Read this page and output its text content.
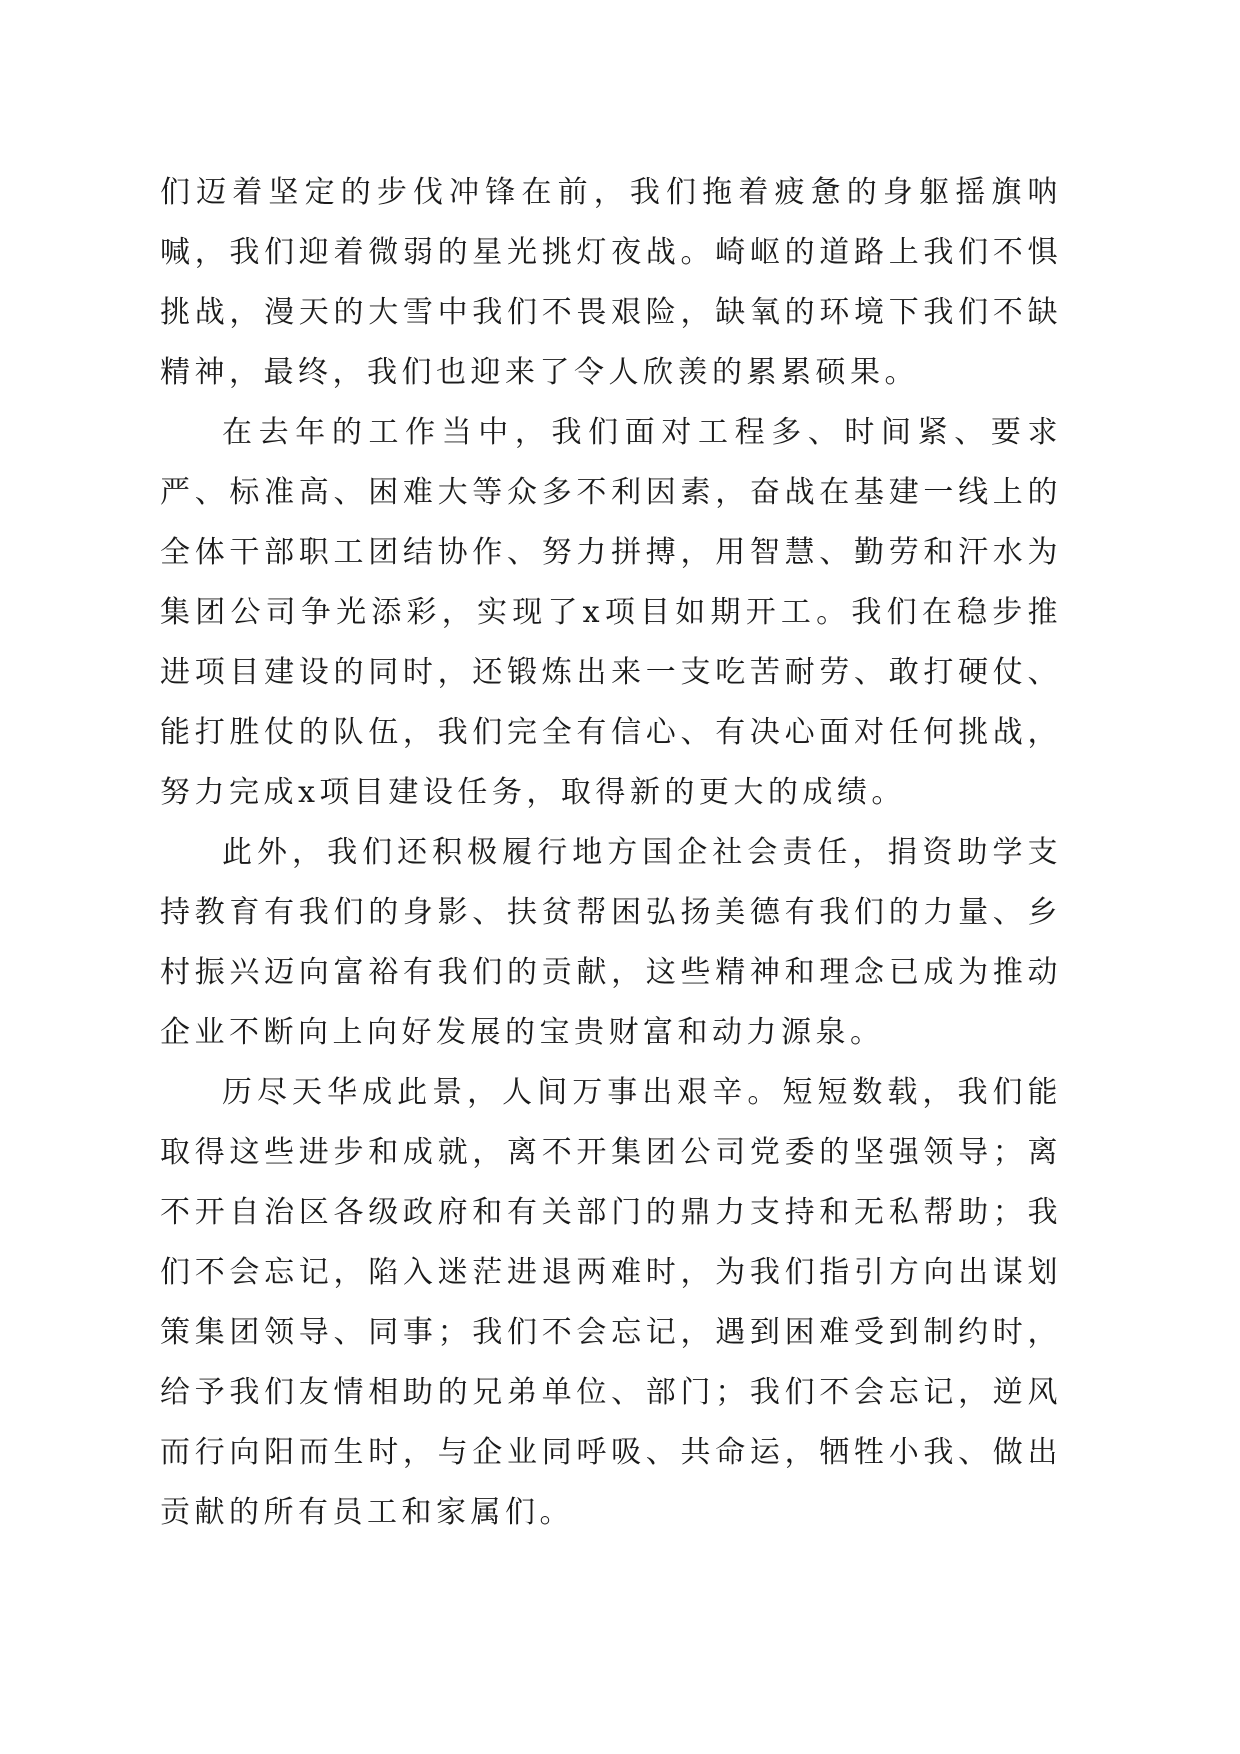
们迈着坚定的步伐冲锋在前，我们拖着疲惫的身躯摇旗呐喊，我们迎着微弱的星光挑灯夜战。崎岖的道路上我们不惧挑战，漫天的大雪中我们不畏艰险，缺氧的环境下我们不缺精神，最终，我们也迎来了令人欣羡的累累硕果。

在去年的工作当中，我们面对工程多、时间紧、要求严、标准高、困难大等众多不利因素，奋战在基建一线上的全体干部职工团结协作、努力拼搏，用智慧、勤劳和汗水为集团公司争光添彩，实现了x项目如期开工。我们在稳步推进项目建设的同时，还锻炼出来一支吃苦耐劳、敢打硬仗、能打胜仗的队伍，我们完全有信心、有决心面对任何挑战，努力完成x项目建设任务，取得新的更大的成绩。

此外，我们还积极履行地方国企社会责任，捐资助学支持教育有我们的身影、扶贫帮困弘扬美德有我们的力量、乡村振兴迈向富裕有我们的贡献，这些精神和理念已成为推动企业不断向上向好发展的宝贵财富和动力源泉。

历尽天华成此景，人间万事出艰辛。短短数载，我们能取得这些进步和成就，离不开集团公司党委的坚强领导；离不开自治区各级政府和有关部门的鼎力支持和无私帮助；我们不会忘记，陷入迷茫进退两难时，为我们指引方向出谋划策集团领导、同事；我们不会忘记，遇到困难受到制约时，给予我们友情相助的兄弟单位、部门；我们不会忘记，逆风而行向阳而生时，与企业同呼吸、共命运，牺牲小我、做出贡献的所有员工和家属们。
